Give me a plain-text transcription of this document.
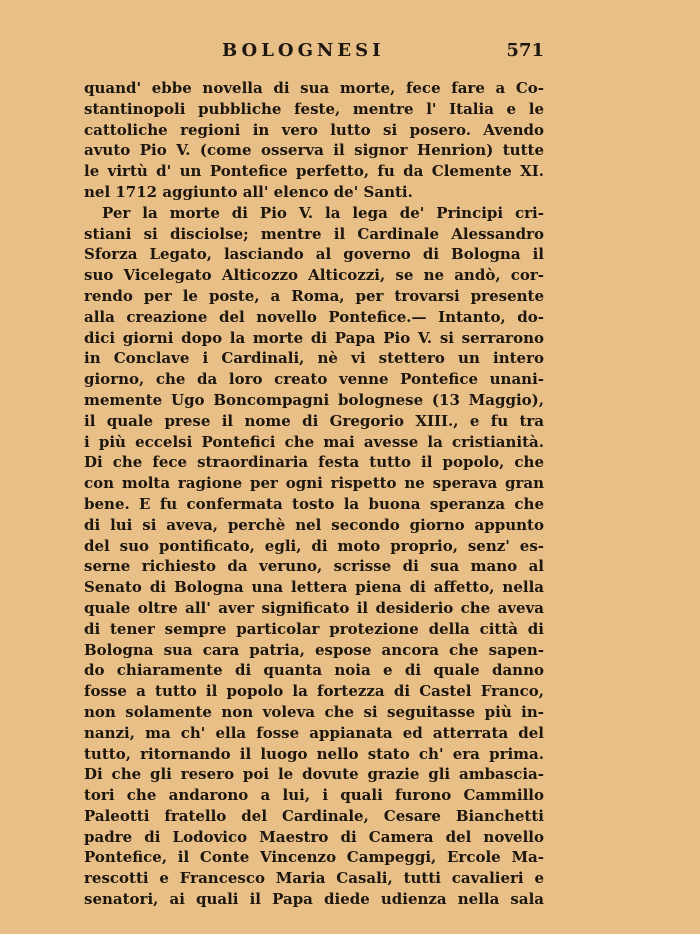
BOLOGNESI	571
quand' ebbe novella di sua morte, fece fare a Co-
stantinopoli pubbliche feste, mentre l' Italia e le
cattoliche regioni in vero lutto si posero. Avendo
avuto Pio V. (come osserva il signor Henrion) tutte
le virtù d' un Pontefice perfetto, fu da Clemente XI.
nel 1712 aggiunto all' elenco de' Santi.
Per la morte di Pio V. la lega de' Principi cri-
stiani si disciolse; mentre il Cardinale Alessandro
Sforza Legato, lasciando al governo di Bologna il
suo Vicelegato Alticozzo Alticozzi, se ne andò, cor-
rendo per le poste, a Roma, per trovarsi presente
alla creazione del novello Pontefice.— Intanto, do-
dici giorni dopo la morte di Papa Pio V. si serrarono
in Conclave i Cardinali, nè vi stettero un intero
giorno, che da loro creato venne Pontefice unani-
memente Ugo Boncompagni bolognese (13 Maggio),
il quale prese il nome di Gregorio XIII., e fu tra
i più eccelsi Pontefici che mai avesse la cristianità.
Di che fece straordinaria festa tutto il popolo, che
con molta ragione per ogni rispetto ne sperava gran
bene. E fu confermata tosto la buona speranza che
di lui si aveva, perchè nel secondo giorno appunto
del suo pontificato, egli, di moto proprio, senz' es-
serne richiesto da veruno, scrisse di sua mano al
Senato di Bologna una lettera piena di affetto, nella
quale oltre all' aver significato il desiderio che aveva
di tener sempre particolar protezione della città di
Bologna sua cara patria, espose ancora che sapen-
do chiaramente di quanta noia e di quale danno
fosse a tutto il popolo la fortezza di Castel Franco,
non solamente non voleva che si seguitasse più in-
nanzi, ma ch' ella fosse appianata ed atterrata del
tutto, ritornando il luogo nello stato ch' era prima.
Di che gli resero poi le dovute grazie gli ambascia-
tori che andarono a lui, i quali furono Cammillo
Paleotti fratello del Cardinale, Cesare Bianchetti
padre di Lodovico Maestro di Camera del novello
Pontefice, il Conte Vincenzo Campeggi, Ercole Ma-
rescotti e Francesco Maria Casali, tutti cavalieri e
senatori, ai quali il Papa diede udienza nella sala
